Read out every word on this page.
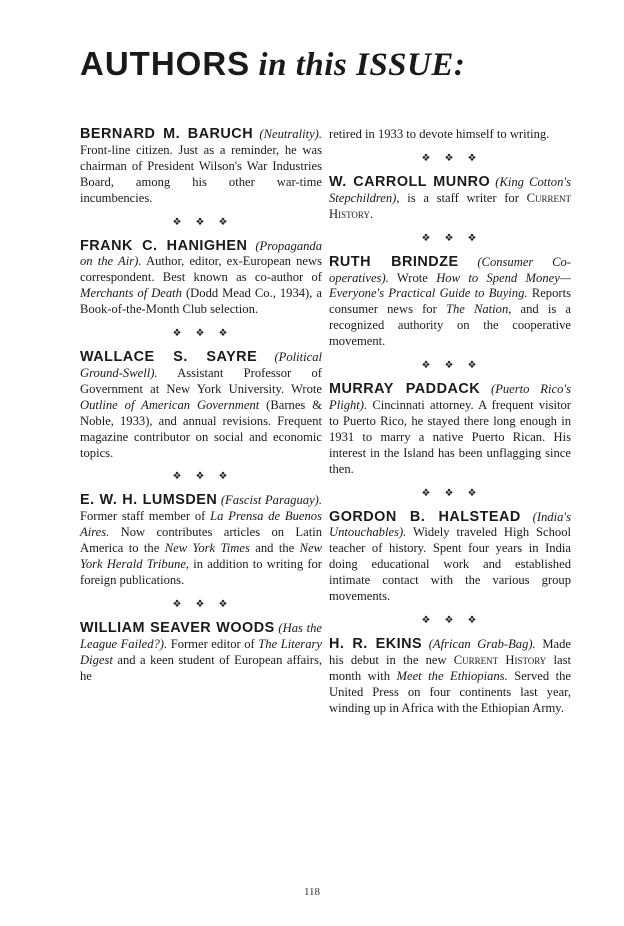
AUTHORS in this ISSUE:

BERNARD M. BARUCH (Neutrality). Front-line citizen. Just as a reminder, he was chairman of President Wilson's War Industries Board, among his other war-time incumbencies.

❖❖❖

FRANK C. HANIGHEN (Propaganda on the Air). Author, editor, ex-European news correspondent. Best known as co-author of Merchants of Death (Dodd Mead Co., 1934), a Book-of-the-Month Club selection.

❖❖❖

WALLACE S. SAYRE (Political Ground-Swell). Assistant Professor of Government at New York University. Wrote Outline of American Government (Barnes & Noble, 1933), and annual revisions. Frequent magazine contributor on social and economic topics.

❖❖❖

E. W. H. LUMSDEN (Fascist Paraguay). Former staff member of La Prensa de Buenos Aires. Now contributes articles on Latin America to the New York Times and the New York Herald Tribune, in addition to writing for foreign publications.

❖❖❖

WILLIAM SEAVER WOODS (Has the League Failed?). Former editor of The Literary Digest and a keen student of European affairs, he

retired in 1933 to devote himself to writing.

❖❖❖

W. CARROLL MUNRO (King Cotton's Stepchildren), is a staff writer for Current History.

❖❖❖

RUTH BRINDZE (Consumer Co-operatives). Wrote How to Spend Money—Everyone's Practical Guide to Buying. Reports consumer news for The Nation, and is a recognized authority on the cooperative movement.

❖❖❖

MURRAY PADDACK (Puerto Rico's Plight). Cincinnati attorney. A frequent visitor to Puerto Rico, he stayed there long enough in 1931 to marry a native Puerto Rican. His interest in the Island has been unflagging since then.

❖❖❖

GORDON B. HALSTEAD (India's Untouchables). Widely traveled High School teacher of history. Spent four years in India doing educational work and established intimate contact with the various group movements.

❖❖❖

H. R. EKINS (African Grab-Bag). Made his debut in the new Current History last month with Meet the Ethiopians. Served the United Press on four continents last year, winding up in Africa with the Ethiopian Army.

118
